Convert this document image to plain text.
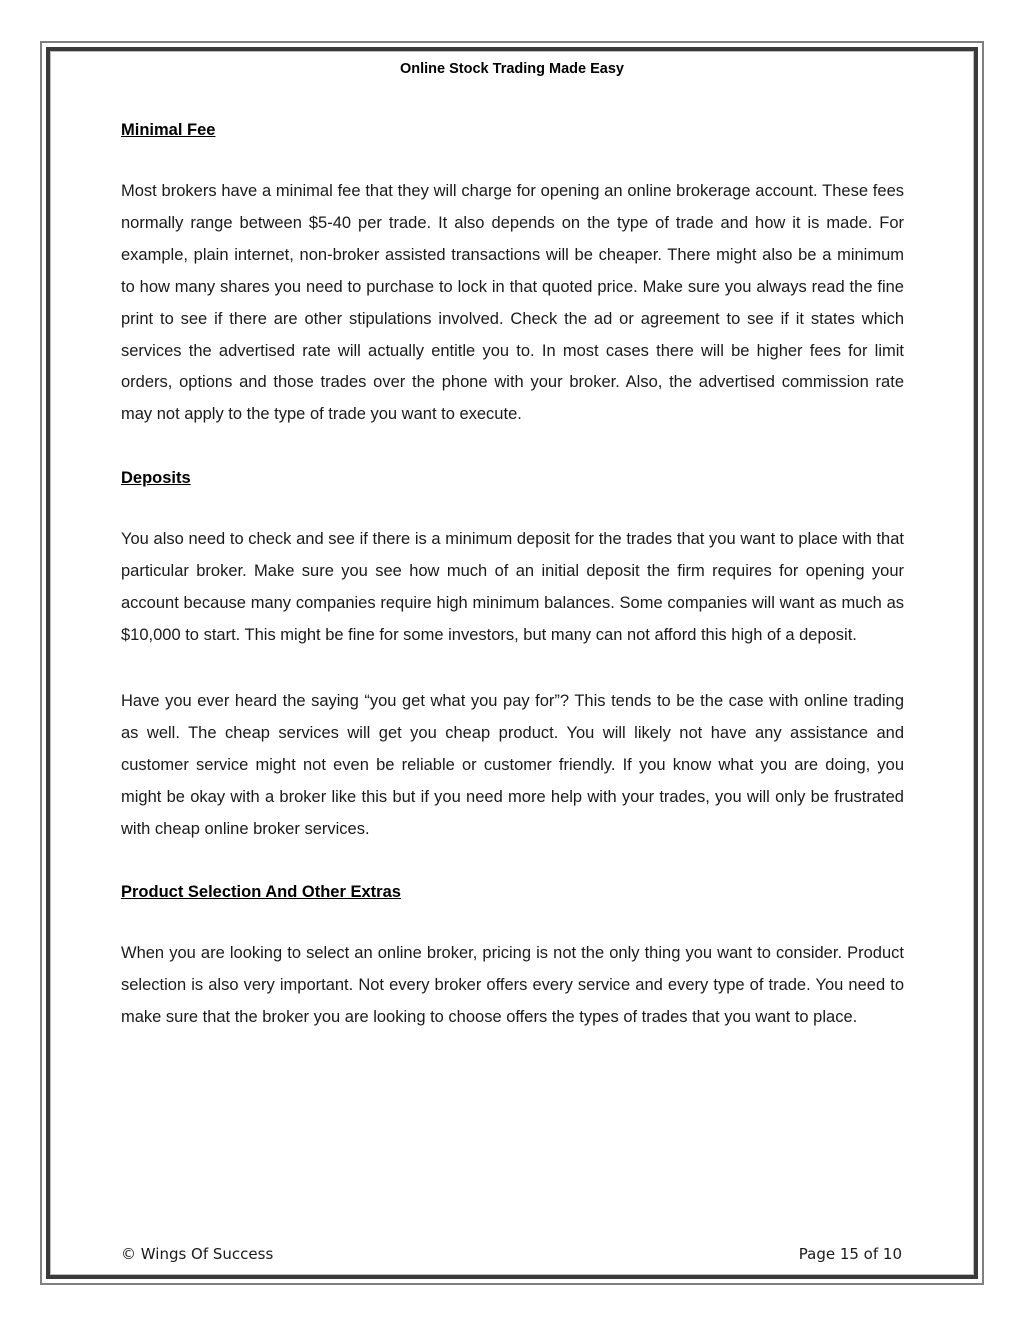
Online Stock Trading Made Easy
Minimal Fee

Most brokers have a minimal fee that they will charge for opening an online brokerage account. These fees normally range between $5-40 per trade. It also depends on the type of trade and how it is made. For example, plain internet, non-broker assisted transactions will be cheaper. There might also be a minimum to how many shares you need to purchase to lock in that quoted price. Make sure you always read the fine print to see if there are other stipulations involved. Check the ad or agreement to see if it states which services the advertised rate will actually entitle you to. In most cases there will be higher fees for limit orders, options and those trades over the phone with your broker. Also, the advertised commission rate may not apply to the type of trade you want to execute.

Deposits

You also need to check and see if there is a minimum deposit for the trades that you want to place with that particular broker. Make sure you see how much of an initial deposit the firm requires for opening your account because many companies require high minimum balances. Some companies will want as much as $10,000 to start. This might be fine for some investors, but many can not afford this high of a deposit.

Have you ever heard the saying “you get what you pay for”? This tends to be the case with online trading as well. The cheap services will get you cheap product. You will likely not have any assistance and customer service might not even be reliable or customer friendly. If you know what you are doing, you might be okay with a broker like this but if you need more help with your trades, you will only be frustrated with cheap online broker services.

Product Selection And Other Extras

When you are looking to select an online broker, pricing is not the only thing you want to consider. Product selection is also very important. Not every broker offers every service and every type of trade. You need to make sure that the broker you are looking to choose offers the types of trades that you want to place.

© Wings Of Success	Page 15 of 10
